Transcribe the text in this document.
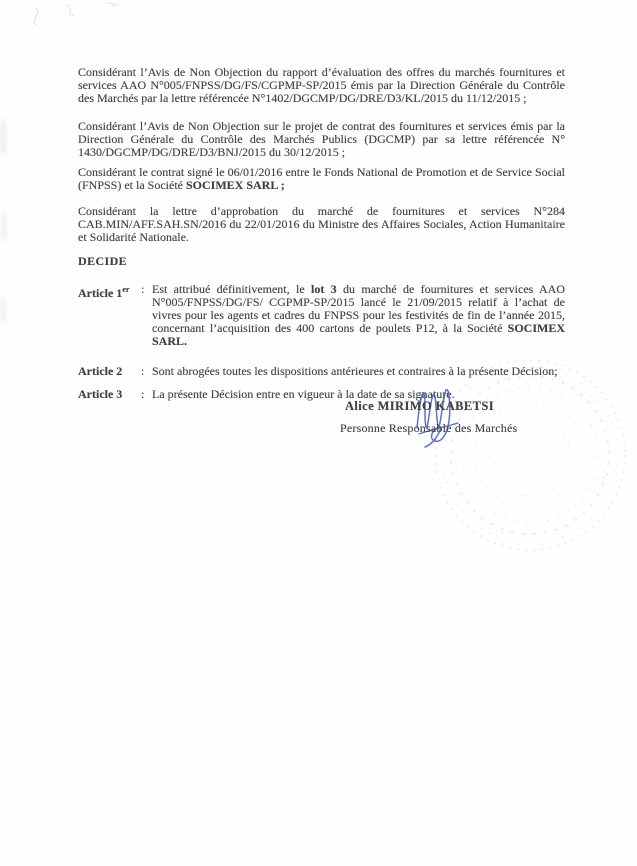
Considérant l’Avis de Non Objection du rapport d’évaluation des offres du marchés fournitures et services AAO N°005/FNPSS/DG/FS/CGPMP-SP/2015 émis par la Direction Générale du Contrôle des Marchés par la lettre référencée N°1402/DGCMP/DG/DRE/D3/KL/2015 du 11/12/2015 ;

Considérant l’Avis de Non Objection sur le projet de contrat des fournitures et services émis par la Direction Générale du Contrôle des Marchés Publics (DGCMP) par sa lettre référencée N° 1430/DGCMP/DG/DRE/D3/BNJ/2015 du 30/12/2015 ;

Considérant le contrat signé le 06/01/2016 entre le Fonds National de Promotion et de Service Social (FNPSS) et la Société SOCIMEX SARL ;

Considérant la lettre d’approbation du marché de fournitures et services N°284 CAB.MIN/AFF.SAH.SN/2016 du 22/01/2016 du Ministre des Affaires Sociales, Action Humanitaire et Solidarité Nationale.

DECIDE

Article 1er : Est attribué définitivement, le lot 3 du marché de fournitures et services AAO N°005/FNPSS/DG/FS/ CGPMP-SP/2015 lancé le 21/09/2015 relatif à l’achat de vivres pour les agents et cadres du FNPSS pour les festivités de fin de l’année 2015, concernant l’acquisition des 400 cartons de poulets P12, à la Société SOCIMEX SARL.
Article 2 : Sont abrogées toutes les dispositions antérieures et contraires à la présente Décision;
Article 3 : La présente Décision entre en vigueur à la date de sa signature.
Alice MIRIMO KABETSI
Personne Responsable des Marchés
